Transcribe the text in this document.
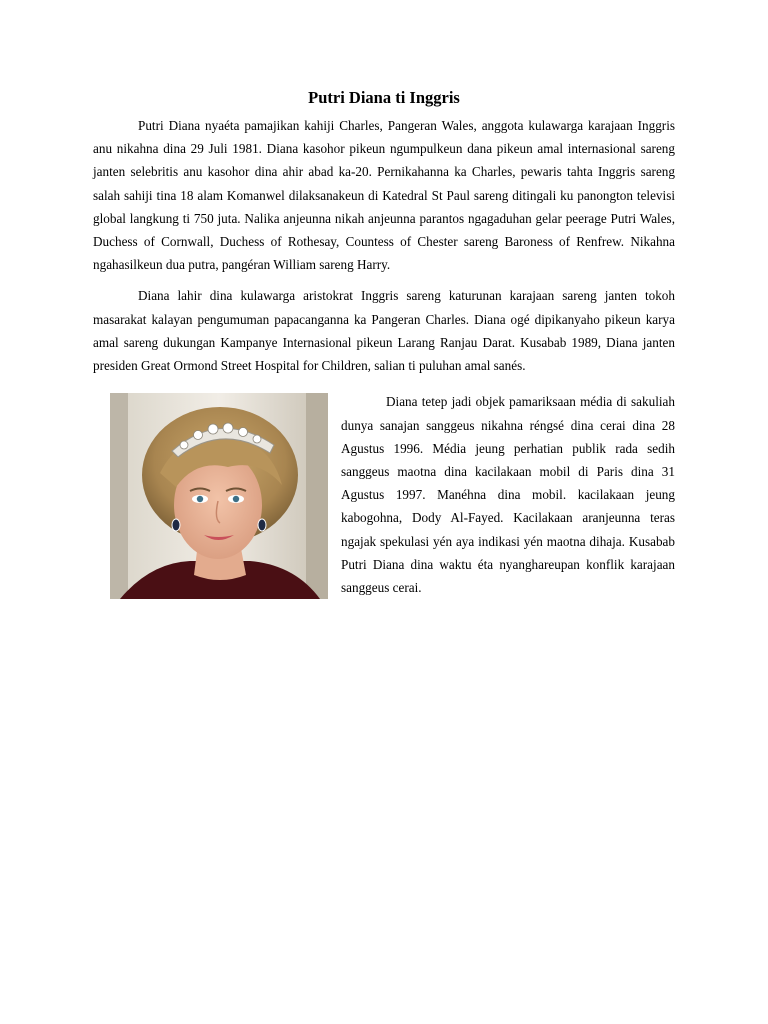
Putri Diana ti Inggris

Putri Diana nyaéta pamajikan kahiji Charles, Pangeran Wales, anggota kulawarga karajaan Inggris anu nikahna dina 29 Juli 1981. Diana kasohor pikeun ngumpulkeun dana pikeun amal internasional sareng janten selebritis anu kasohor dina ahir abad ka-20. Pernikahanna ka Charles, pewaris tahta Inggris sareng salah sahiji tina 18 alam Komanwel dilaksanakeun di Katedral St Paul sareng ditingali ku panongton televisi global langkung ti 750 juta. Nalika anjeunna nikah anjeunna parantos ngagaduhan gelar peerage Putri Wales, Duchess of Cornwall, Duchess of Rothesay, Countess of Chester sareng Baroness of Renfrew. Nikahna ngahasilkeun dua putra, pangéran William sareng Harry.

Diana lahir dina kulawarga aristokrat Inggris sareng katurunan karajaan sareng janten tokoh masarakat kalayan pengumuman papacanganna ka Pangeran Charles. Diana ogé dipikanyaho pikeun karya amal sareng dukungan Kampanye Internasional pikeun Larang Ranjau Darat. Kusabab 1989, Diana janten presiden Great Ormond Street Hospital for Children, salian ti puluhan amal sanés.

Diana tetep jadi objek pamariksaan média di sakuliah dunya sanajan sanggeus nikahna réngsé dina cerai dina 28 Agustus 1996. Média jeung perhatian publik rada sedih sanggeus maotna dina kacilakaan mobil di Paris dina 31 Agustus 1997. Manéhna dina mobil. kacilakaan jeung kabogohna, Dody Al-Fayed. Kacilakaan aranjeunna teras ngajak spekulasi yén aya indikasi yén maotna dihaja. Kusabab Putri Diana dina waktu éta nyanghareupan konflik karajaan sanggeus cerai.
